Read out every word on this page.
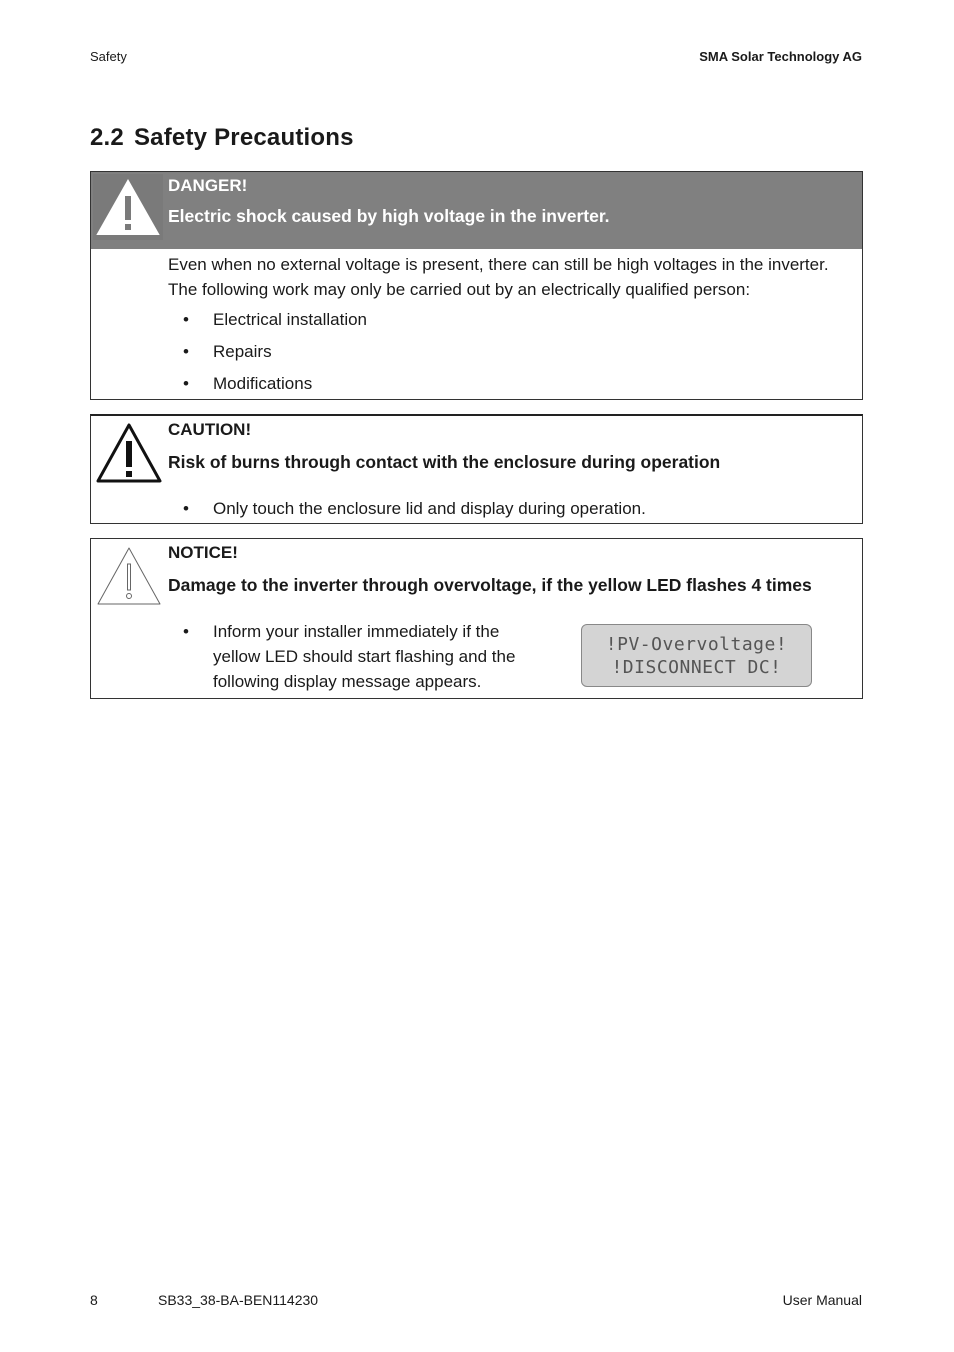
Safety	SMA Solar Technology AG
2.2 Safety Precautions
DANGER!
Electric shock caused by high voltage in the inverter.
Even when no external voltage is present, there can still be high voltages in the inverter. The following work may only be carried out by an electrically qualified person:
• Electrical installation
• Repairs
• Modifications
CAUTION!
Risk of burns through contact with the enclosure during operation
• Only touch the enclosure lid and display during operation.
NOTICE!
Damage to the inverter through overvoltage, if the yellow LED flashes 4 times
• Inform your installer immediately if the yellow LED should start flashing and the following display message appears.
!PV-Overvoltage!
!DISCONNECT DC!
8	SB33_38-BA-BEN114230	User Manual
